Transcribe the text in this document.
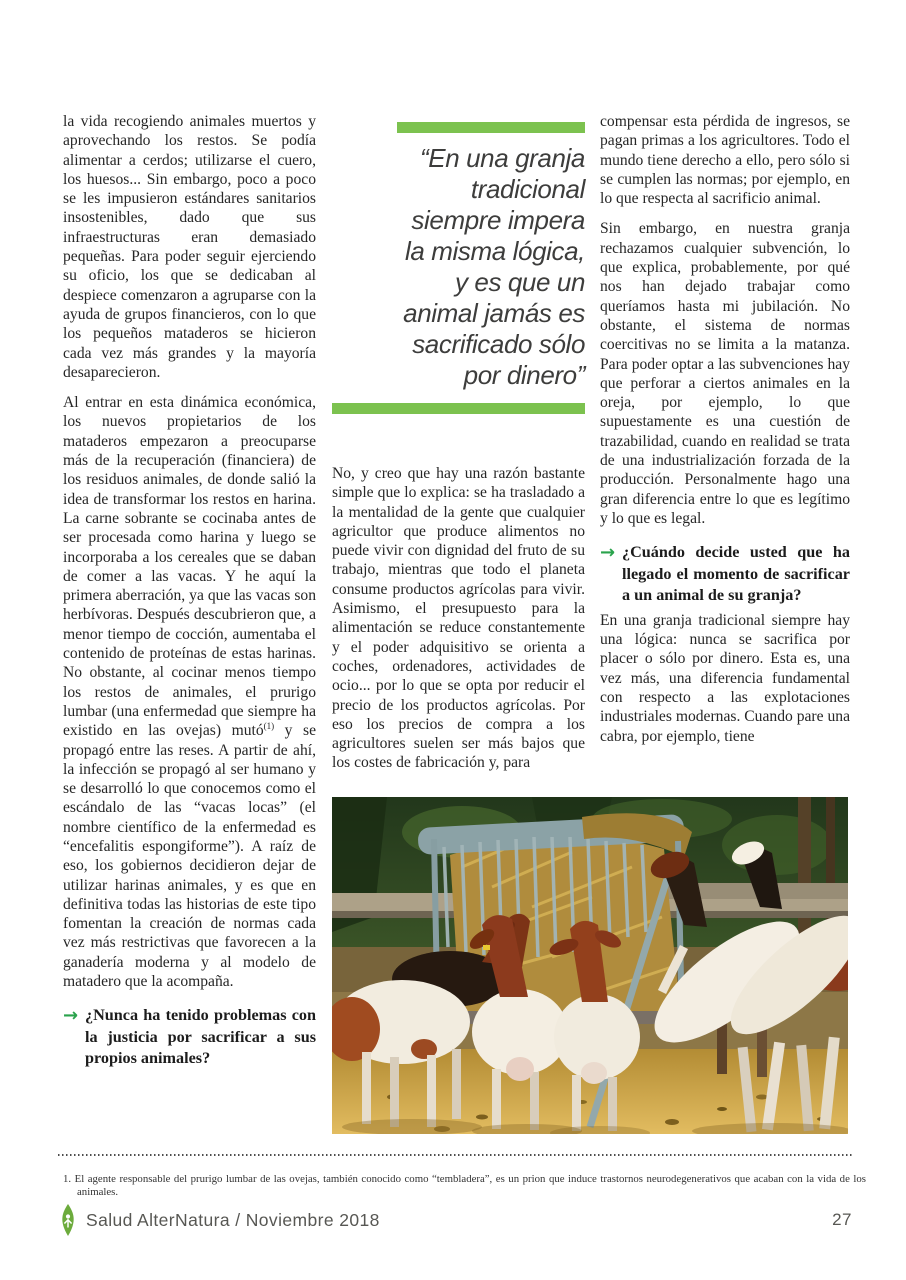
la vida recogiendo animales muertos y aprovechando los restos. Se podía alimentar a cerdos; utilizarse el cuero, los huesos... Sin embargo, poco a poco se les impusieron estándares sanitarios insostenibles, dado que sus infraestructuras eran demasiado pequeñas. Para poder seguir ejerciendo su oficio, los que se dedicaban al despiece comenzaron a agruparse con la ayuda de grupos financieros, con lo que los pequeños mataderos se hicieron cada vez más grandes y la mayoría desaparecieron.

Al entrar en esta dinámica económica, los nuevos propietarios de los mataderos empezaron a preocuparse más de la recuperación (financiera) de los residuos animales, de donde salió la idea de transformar los restos en harina. La carne sobrante se cocinaba antes de ser procesada como harina y luego se incorporaba a los cereales que se daban de comer a las vacas. Y he aquí la primera aberración, ya que las vacas son herbívoras. Después descubrieron que, a menor tiempo de cocción, aumentaba el contenido de proteínas de estas harinas. No obstante, al cocinar menos tiempo los restos de animales, el prurigo lumbar (una enfermedad que siempre ha existido en las ovejas) mutó$^{(1)}$ y se propagó entre las reses. A partir de ahí, la infección se propagó al ser humano y se desarrolló lo que conocemos como el escándalo de las “vacas locas” (el nombre científico de la enfermedad es “encefalitis espongiforme”). A raíz de eso, los gobiernos decidieron dejar de utilizar harinas animales, y es que en definitiva todas las historias de este tipo fomentan la creación de normas cada vez más restrictivas que favorecen a la ganadería moderna y al modelo de matadero que la acompaña.

→ ¿Nunca ha tenido problemas con la justicia por sacrificar a sus propios animales?
“En una granja
tradicional
siempre impera
la misma lógica,
y es que un
animal jamás es
sacrificado sólo
por dinero”

No, y creo que hay una razón bastante simple que lo explica: se ha trasladado a la mentalidad de la gente que cualquier agricultor que produce alimentos no puede vivir con dignidad del fruto de su trabajo, mientras que todo el planeta consume productos agrícolas para vivir. Asimismo, el presupuesto para la alimentación se reduce constantemente y el poder adquisitivo se orienta a coches, ordenadores, actividades de ocio... por lo que se opta por reducir el precio de los productos agrícolas. Por eso los precios de compra a los agricultores suelen ser más bajos que los costes de fabricación y, para

compensar esta pérdida de ingresos, se pagan primas a los agricultores. Todo el mundo tiene derecho a ello, pero sólo si se cumplen las normas; por ejemplo, en lo que respecta al sacrificio animal.

Sin embargo, en nuestra granja rechazamos cualquier subvención, lo que explica, probablemente, por qué nos han dejado trabajar como queríamos hasta mi jubilación. No obstante, el sistema de normas coercitivas no se limita a la matanza. Para poder optar a las subvenciones hay que perforar a ciertos animales en la oreja, por ejemplo, lo que supuestamente es una cuestión de trazabilidad, cuando en realidad se trata de una industrialización forzada de la producción. Personalmente hago una gran diferencia entre lo que es legítimo y lo que es legal.

→ ¿Cuándo decide usted que ha llegado el momento de sacrificar a un animal de su granja?

En una granja tradicional siempre hay una lógica: nunca se sacrifica por placer o sólo por dinero. Esta es, una vez más, una diferencia fundamental con respecto a las explotaciones industriales modernas. Cuando pare una cabra, por ejemplo, tiene

1. El agente responsable del prurigo lumbar de las ovejas, también conocido como “tembladera”, es un prion que induce trastornos neurodegenerativos que acaban con la vida de los animales.

Salud AlterNatura / Noviembre 2018	27
